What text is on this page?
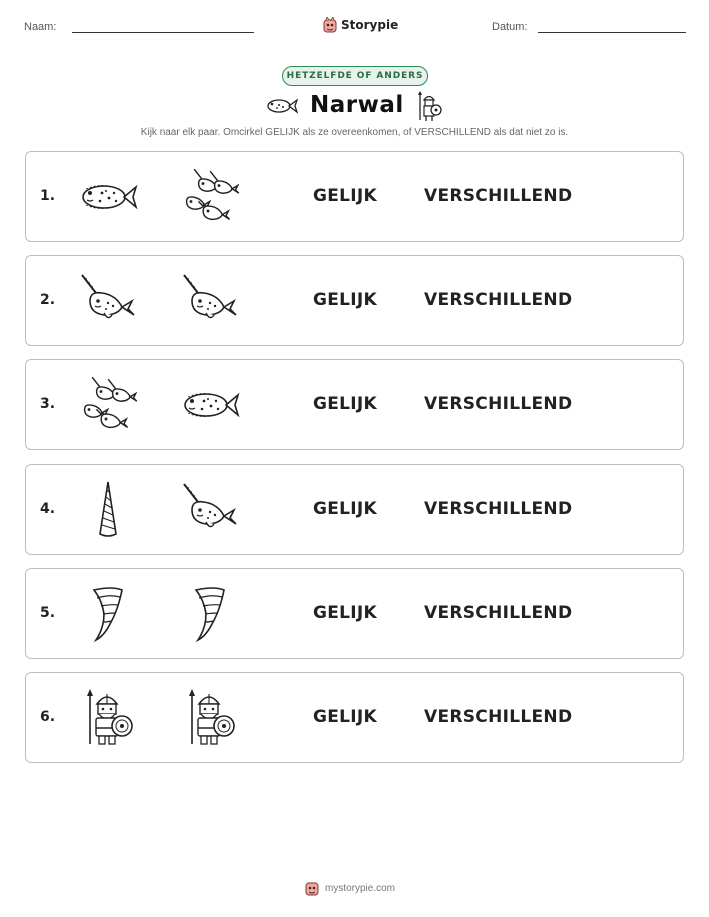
Naam:	Storypie	Datum:
HETZELFDE OF ANDERS
Narwal
Kijk naar elk paar. Omcirkel GELIJK als ze overeenkomen, of VERSCHILLEND als dat niet zo is.
1.	GELIJK	VERSCHILLEND
2.	GELIJK	VERSCHILLEND
3.	GELIJK	VERSCHILLEND
4.	GELIJK	VERSCHILLEND
5.	GELIJK	VERSCHILLEND
6.	GELIJK	VERSCHILLEND
mystorypie.com
